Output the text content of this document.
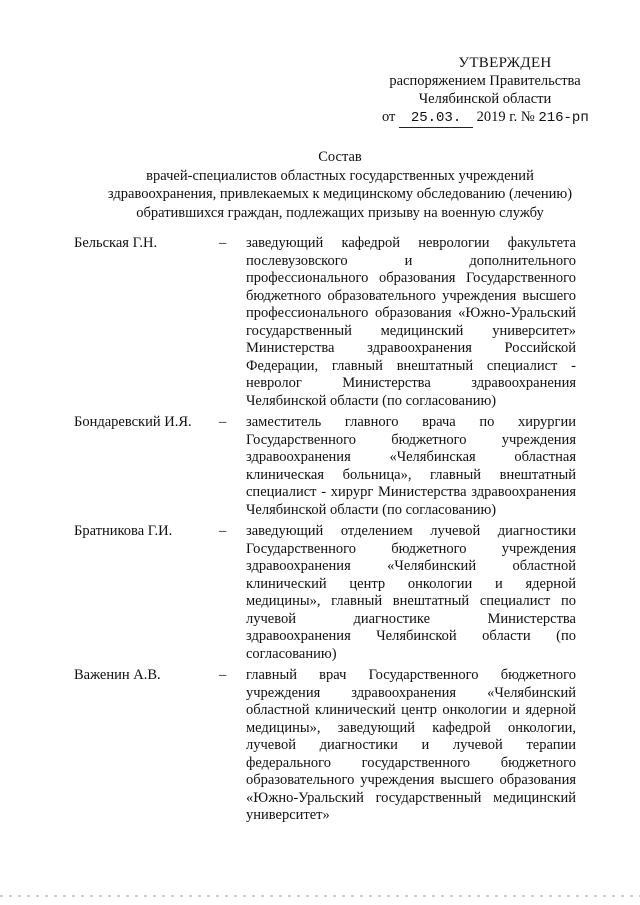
УТВЕРЖДЕН
распоряжением Правительства
Челябинской области
от 25.03. 2019 г. № 216-рп
Состав
врачей-специалистов областных государственных учреждений
здравоохранения, привлекаемых к медицинскому обследованию (лечению)
обратившихся граждан, подлежащих призыву на военную службу
Бельская Г.Н.	–	заведующий кафедрой неврологии факультета послевузовского и дополнительного профессионального образования Государственного бюджетного образовательного учреждения высшего профессионального образования «Южно-Уральский государственный медицинский университет» Министерства здравоохранения Российской Федерации, главный внештатный специалист - невролог Министерства здравоохранения Челябинской области (по согласованию)
Бондаревский И.Я.	–	заместитель главного врача по хирургии Государственного бюджетного учреждения здравоохранения «Челябинская областная клиническая больница», главный внештатный специалист - хирург Министерства здравоохранения Челябинской области (по согласованию)
Братникова Г.И.	–	заведующий отделением лучевой диагностики Государственного бюджетного учреждения здравоохранения «Челябинский областной клинический центр онкологии и ядерной медицины», главный внештатный специалист по лучевой диагностике Министерства здравоохранения Челябинской области (по согласованию)
Важенин А.В.	–	главный врач Государственного бюджетного учреждения здравоохранения «Челябинский областной клинический центр онкологии и ядерной медицины», заведующий кафедрой онкологии, лучевой диагностики и лучевой терапии федерального государственного бюджетного образовательного учреждения высшего образования «Южно-Уральский государственный медицинский университет»
